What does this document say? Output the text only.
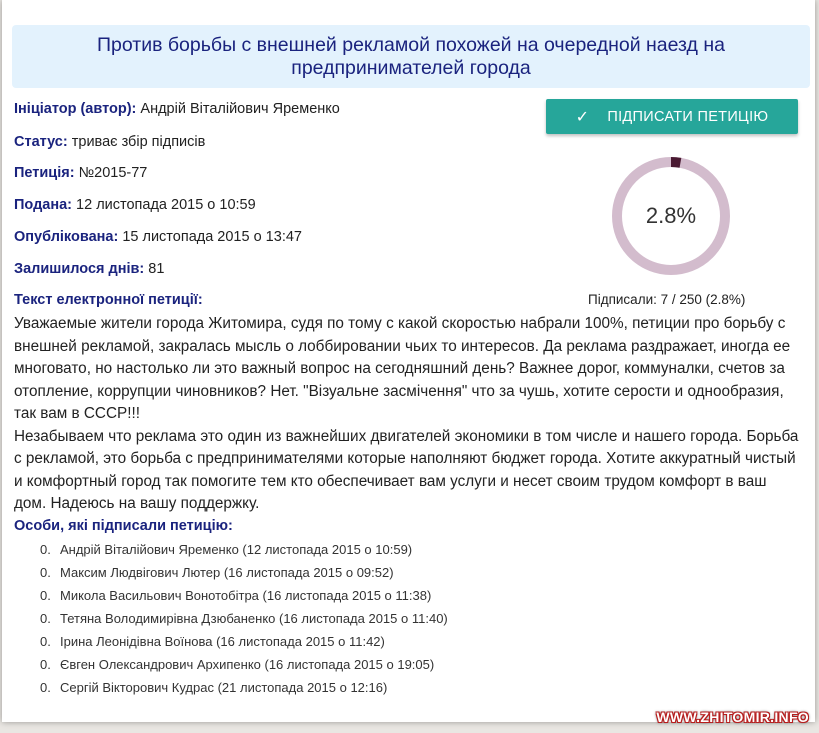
Против борьбы с внешней рекламой похожей на очередной наезд на предпринимателей города
Ініціатор (автор): Андрій Віталійович Яременко
Статус: триває збір підписів
Петиція: №2015-77
Подана: 12 листопада 2015 о 10:59
Опублiкована: 15 листопада 2015 о 13:47
Залишилося днів: 81
✓ ПІДПИСАТИ ПЕТИЦІЮ
2.8%
Підписали: 7 / 250 (2.8%)
Текст електронної петиції:

Уважаемые жители города Житомира, судя по тому с какой скоростью набрали 100%, петиции про борьбу с внешней рекламой, закралась мысль о лоббировании чьих то интересов. Да реклама раздражает, иногда ее многовато, но настолько ли это важный вопрос на сегодняшний день? Важнее дорог, коммуналки, счетов за отопление, коррупции чиновников? Нет. "Візуальне засмічення" что за чушь, хотите серости и однообразия, так вам в СССР!!!

Незабываем что реклама это один из важнейших двигателей экономики в том числе и нашего города. Борьба с рекламой, это борьба с предпринимателями которые наполняют бюджет города. Хотите аккуратный чистый и комфортный город так помогите тем кто обеспечивает вам услуги и несет своим трудом комфорт в ваш дом. Надеюсь на вашу поддержку.

Особи, які підписали петицію:
0. Андрій Віталійович Яременко (12 листопада 2015 о 10:59)
0. Максим Людвігович Лютер (16 листопада 2015 о 09:52)
0. Микола Васильович Вонотобітра (16 листопада 2015 о 11:38)
0. Тетяна Володимирівна Дзюбаненко (16 листопада 2015 о 11:40)
0. Ірина Леонідівна Воїнова (16 листопада 2015 о 11:42)
0. Євген Олександрович Архипенко (16 листопада 2015 о 19:05)
0. Сергій Вікторович Кудрас (21 листопада 2015 о 12:16)
WWW.ZHITOMIR.INFO
